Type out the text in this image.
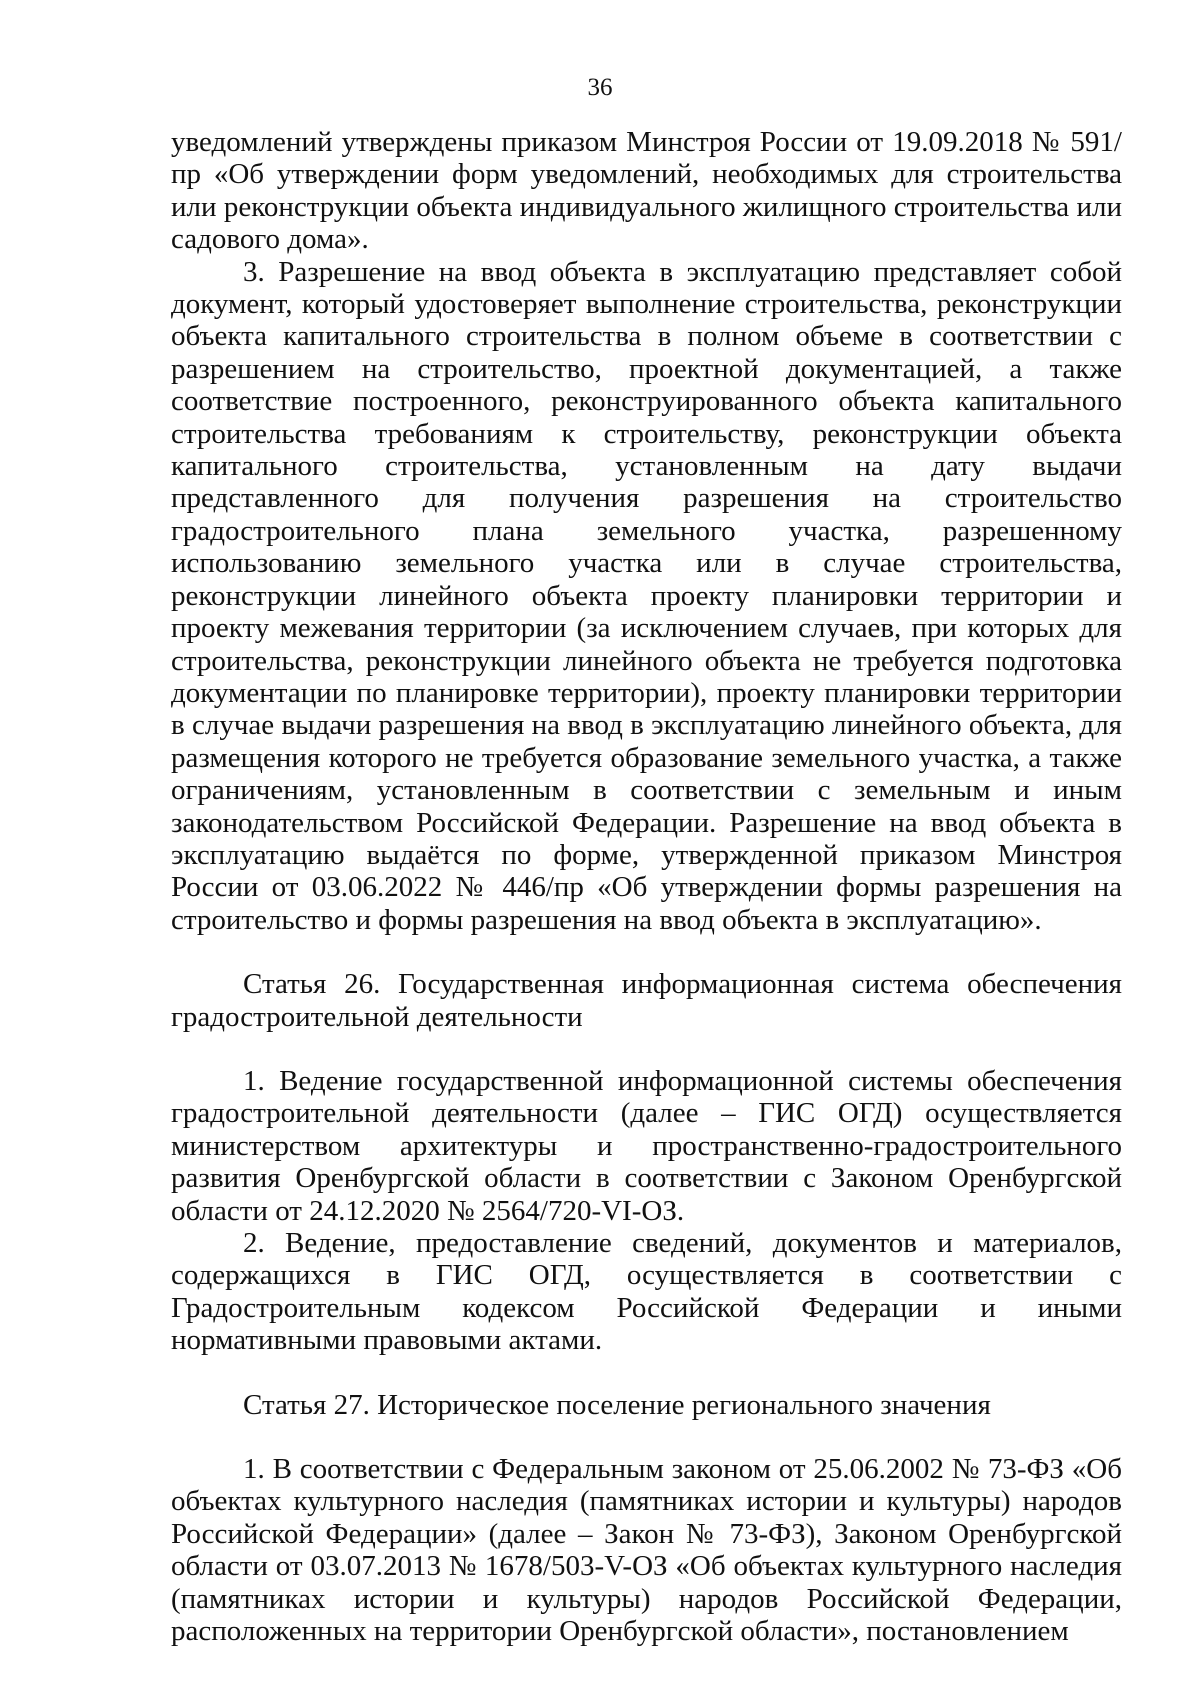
36

уведомлений утверждены приказом Минстроя России от 19.09.2018 № 591/пр «Об утверждении форм уведомлений, необходимых для строительства или реконструкции объекта индивидуального жилищного строительства или садового дома».

3. Разрешение на ввод объекта в эксплуатацию представляет собой документ, который удостоверяет выполнение строительства, реконструкции объекта капитального строительства в полном объеме в соответствии с разрешением на строительство, проектной документацией, а также соответствие построенного, реконструированного объекта капитального строительства требованиям к строительству, реконструкции объекта капитального строительства, установленным на дату выдачи представленного для получения разрешения на строительство градостроительного плана земельного участка, разрешенному использованию земельного участка или в случае строительства, реконструкции линейного объекта проекту планировки территории и проекту межевания территории (за исключением случаев, при которых для строительства, реконструкции линейного объекта не требуется подготовка документации по планировке территории), проекту планировки территории в случае выдачи разрешения на ввод в эксплуатацию линейного объекта, для размещения которого не требуется образование земельного участка, а также ограничениям, установленным в соответствии с земельным и иным законодательством Российской Федерации. Разрешение на ввод объекта в эксплуатацию выдаётся по форме, утвержденной приказом Минстроя России от 03.06.2022 № 446/пр «Об утверждении формы разрешения на строительство и формы разрешения на ввод объекта в эксплуатацию».

Статья 26. Государственная информационная система обеспечения градостроительной деятельности

1. Ведение государственной информационной системы обеспечения градостроительной деятельности (далее – ГИС ОГД) осуществляется министерством архитектуры и пространственно-градостроительного развития Оренбургской области в соответствии с Законом Оренбургской области от 24.12.2020 № 2564/720-VI-ОЗ.

2. Ведение, предоставление сведений, документов и материалов, содержащихся в ГИС ОГД, осуществляется в соответствии с Градостроительным кодексом Российской Федерации и иными нормативными правовыми актами.

Статья 27. Историческое поселение регионального значения

1. В соответствии с Федеральным законом от 25.06.2002 № 73-ФЗ «Об объектах культурного наследия (памятниках истории и культуры) народов Российской Федерации» (далее – Закон № 73-ФЗ), Законом Оренбургской области от 03.07.2013 № 1678/503-V-ОЗ «Об объектах культурного наследия (памятниках истории и культуры) народов Российской Федерации, расположенных на территории Оренбургской области», постановлением
